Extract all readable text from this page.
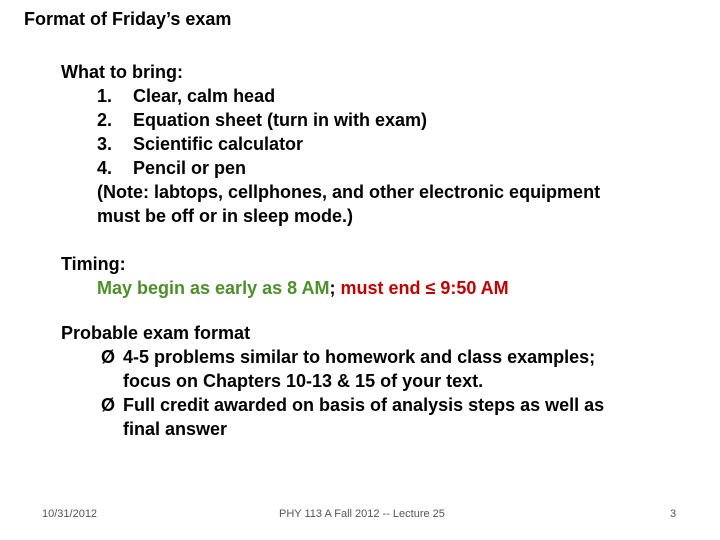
Format of Friday’s exam
What to bring:
1.	Clear, calm head
2.	Equation sheet (turn in with exam)
3.	Scientific calculator
4.	Pencil or pen
(Note: labtops, cellphones, and other electronic equipment
must be off or in sleep mode.)
Timing:
May begin as early as 8 AM; must end ≤ 9:50 AM
Probable exam format
Ø 4-5 problems similar to homework and class examples;
focus on Chapters 10-13 & 15 of your text.
Ø Full credit awarded on basis of analysis steps as well as
final answer
10/31/2012	PHY 113 A Fall 2012 -- Lecture 25	3
